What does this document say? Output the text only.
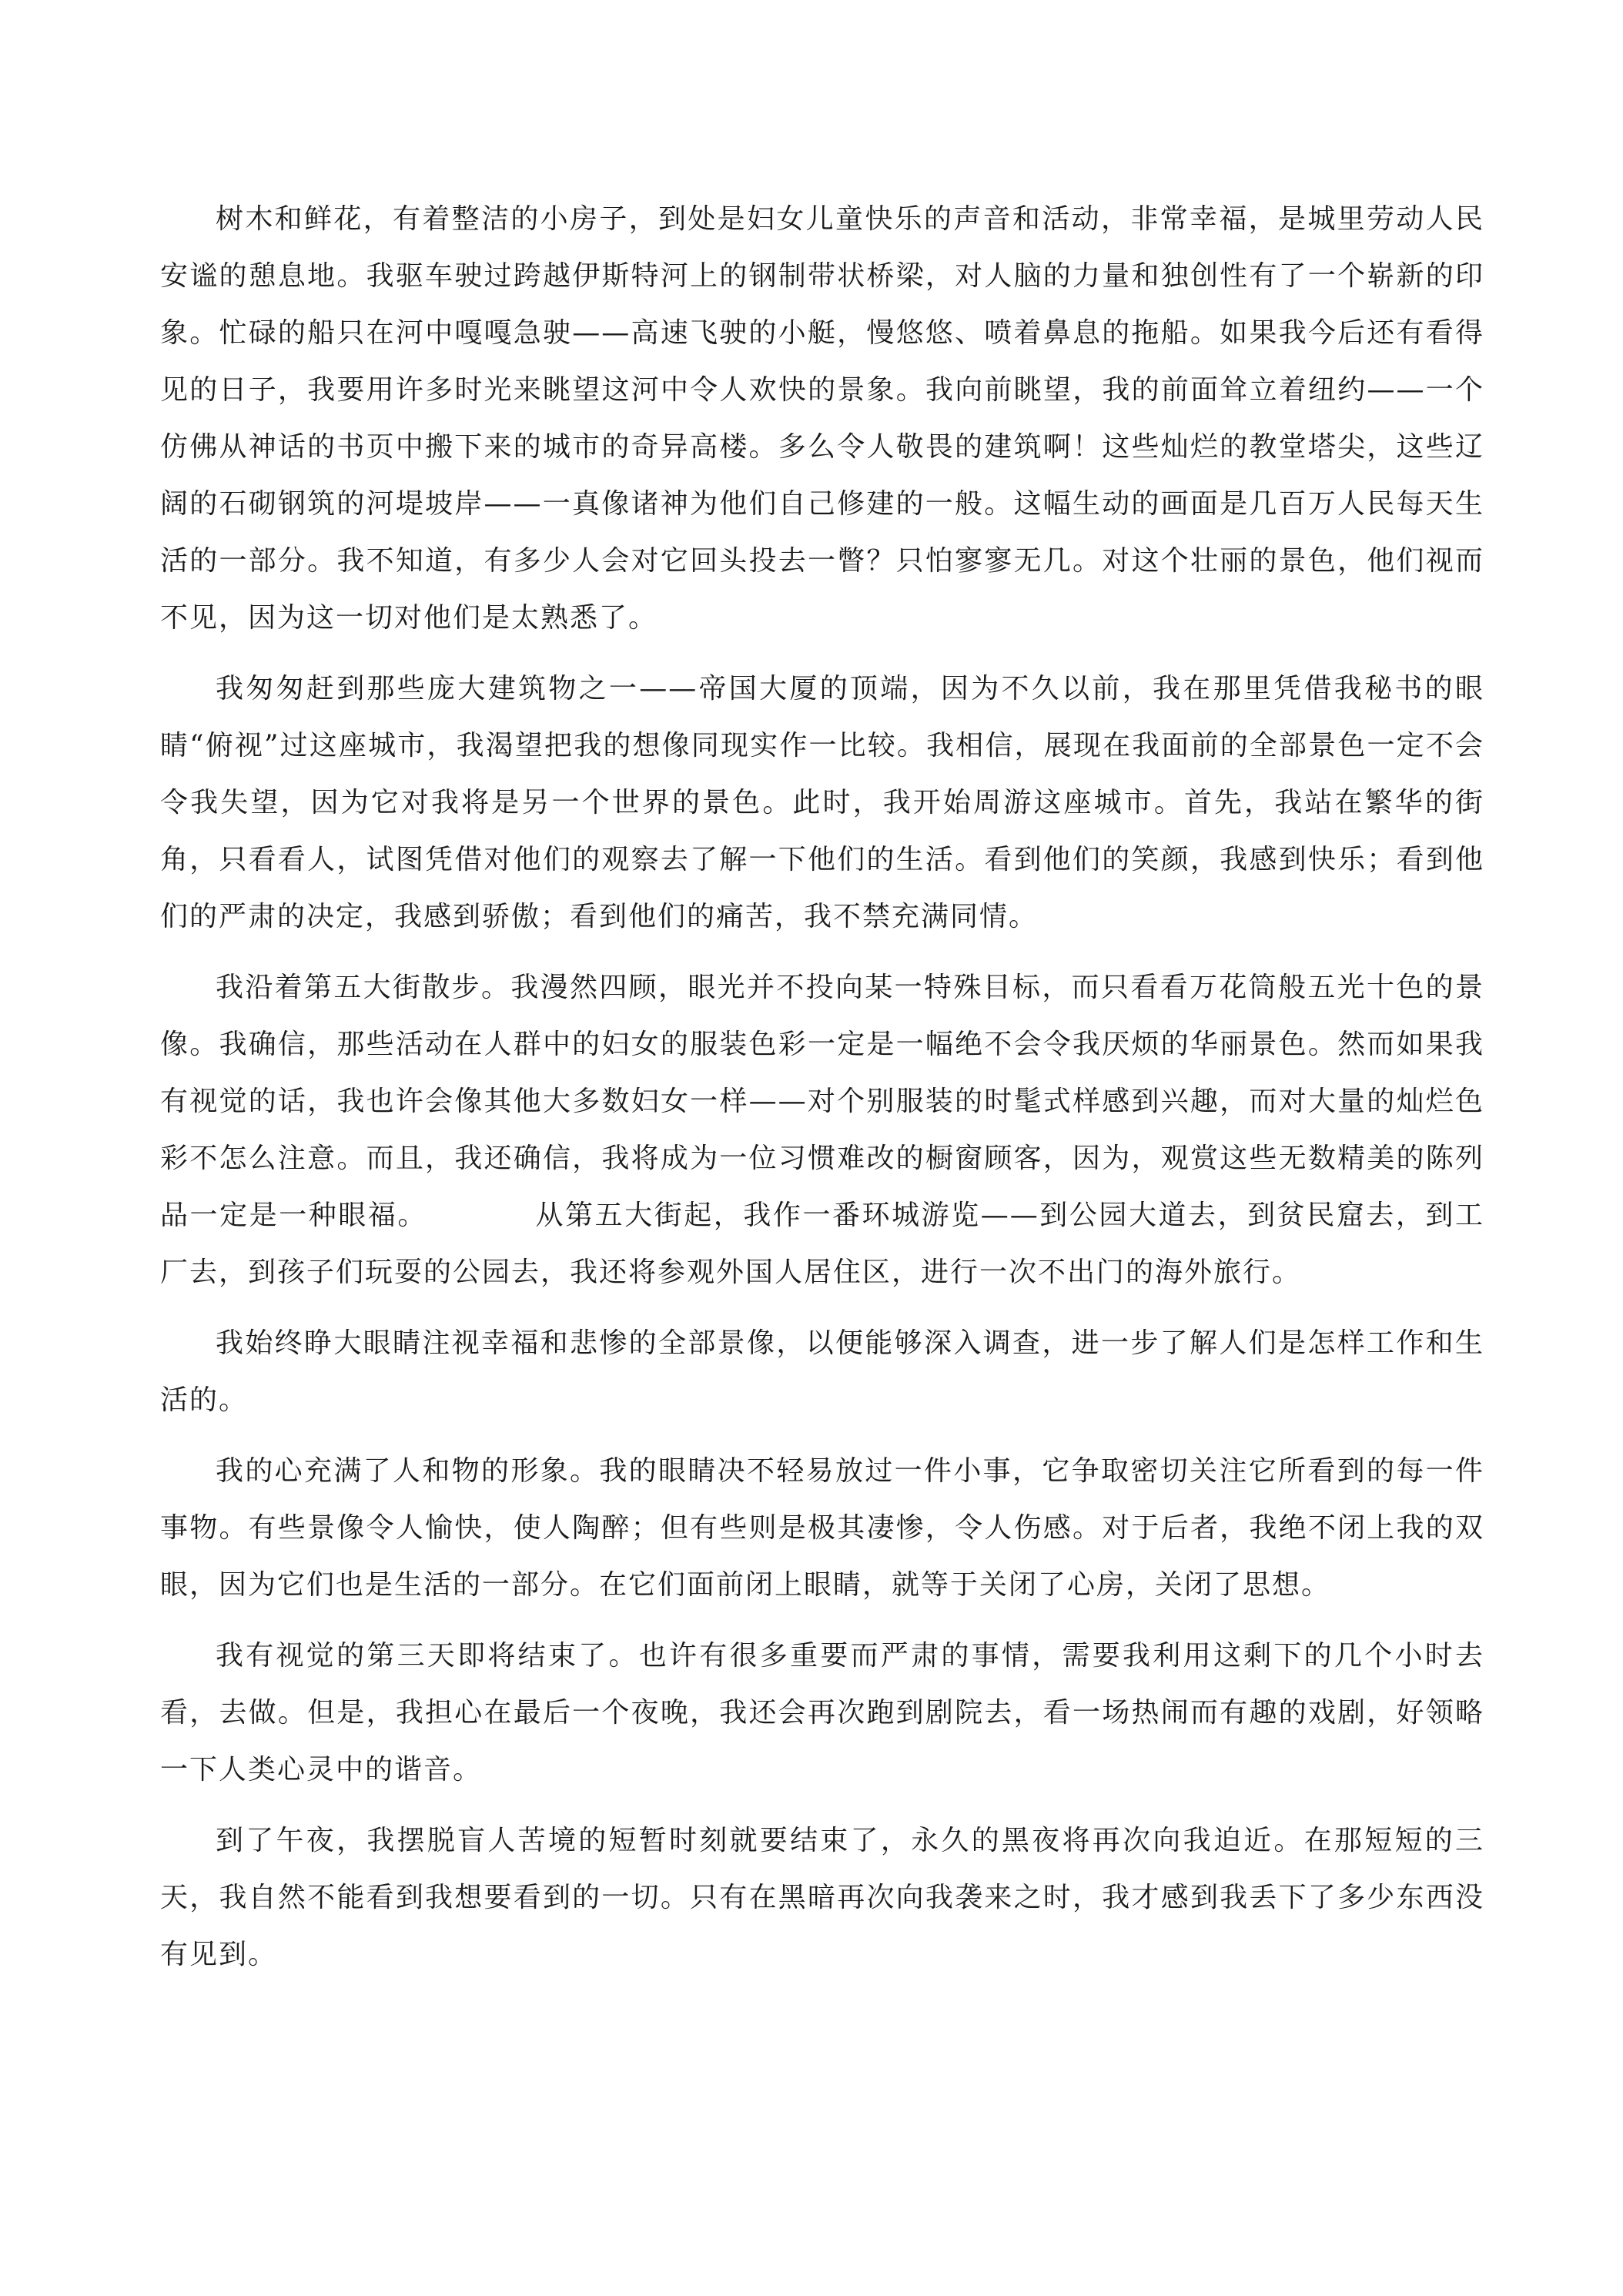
树木和鲜花，有着整洁的小房子，到处是妇女儿童快乐的声音和活动，非常幸福，是城里劳动人民安谧的憩息地。我驱车驶过跨越伊斯特河上的钢制带状桥梁，对人脑的力量和独创性有了一个崭新的印象。忙碌的船只在河中嘎嘎急驶——高速飞驶的小艇，慢悠悠、喷着鼻息的拖船。如果我今后还有看得见的日子，我要用许多时光来眺望这河中令人欢快的景象。我向前眺望，我的前面耸立着纽约——一个仿佛从神话的书页中搬下来的城市的奇异高楼。多么令人敬畏的建筑啊！这些灿烂的教堂塔尖，这些辽阔的石砌钢筑的河堤坡岸——一真像诸神为他们自己修建的一般。这幅生动的画面是几百万人民每天生活的一部分。我不知道，有多少人会对它回头投去一瞥？只怕寥寥无几。对这个壮丽的景色，他们视而不见，因为这一切对他们是太熟悉了。

我匆匆赶到那些庞大建筑物之一——帝国大厦的顶端，因为不久以前，我在那里凭借我秘书的眼睛“俯视”过这座城市，我渴望把我的想像同现实作一比较。我相信，展现在我面前的全部景色一定不会令我失望，因为它对我将是另一个世界的景色。此时，我开始周游这座城市。首先，我站在繁华的街角，只看看人，试图凭借对他们的观察去了解一下他们的生活。看到他们的笑颜，我感到快乐；看到他们的严肃的决定，我感到骄傲；看到他们的痛苦，我不禁充满同情。

我沿着第五大街散步。我漫然四顾，眼光并不投向某一特殊目标，而只看看万花筒般五光十色的景像。我确信，那些活动在人群中的妇女的服装色彩一定是一幅绝不会令我厌烦的华丽景色。然而如果我有视觉的话，我也许会像其他大多数妇女一样——对个别服装的时髦式样感到兴趣，而对大量的灿烂色彩不怎么注意。而且，我还确信，我将成为一位习惯难改的橱窗顾客，因为，观赏这些无数精美的陈列品一定是一种眼福。	从第五大街起，我作一番环城游览——到公园大道去，到贫民窟去，到工厂去，到孩子们玩耍的公园去，我还将参观外国人居住区，进行一次不出门的海外旅行。

我始终睁大眼睛注视幸福和悲惨的全部景像，以便能够深入调查，进一步了解人们是怎样工作和生活的。

我的心充满了人和物的形象。我的眼睛决不轻易放过一件小事，它争取密切关注它所看到的每一件事物。有些景像令人愉快，使人陶醉；但有些则是极其凄惨，令人伤感。对于后者，我绝不闭上我的双眼，因为它们也是生活的一部分。在它们面前闭上眼睛，就等于关闭了心房，关闭了思想。

我有视觉的第三天即将结束了。也许有很多重要而严肃的事情，需要我利用这剩下的几个小时去看，去做。但是，我担心在最后一个夜晚，我还会再次跑到剧院去，看一场热闹而有趣的戏剧，好领略一下人类心灵中的谐音。

到了午夜，我摆脱盲人苦境的短暂时刻就要结束了，永久的黑夜将再次向我迫近。在那短短的三天，我自然不能看到我想要看到的一切。只有在黑暗再次向我袭来之时，我才感到我丢下了多少东西没有见到。
